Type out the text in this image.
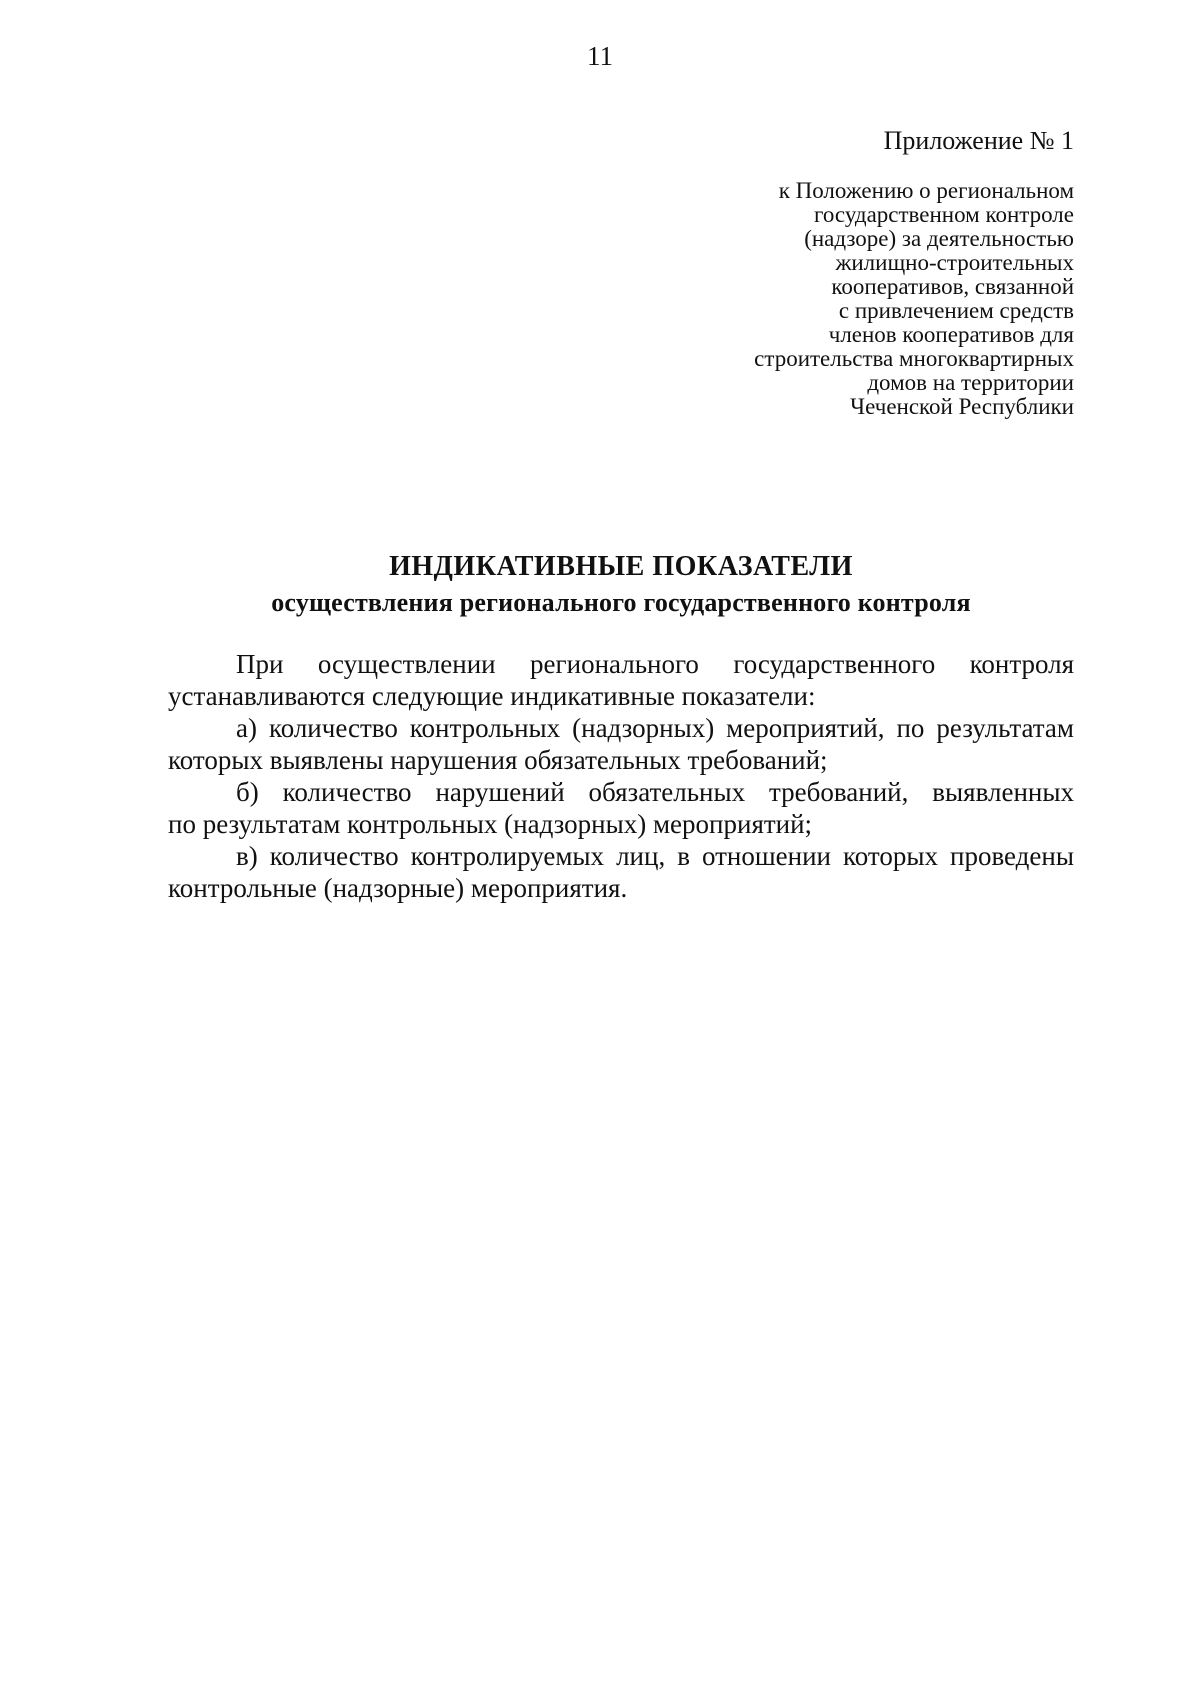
11
Приложение № 1
к Положению о региональном
государственном контроле
(надзоре) за деятельностью
жилищно-строительных
кооперативов, связанной
с привлечением средств
членов кооперативов для
строительства многоквартирных
домов на территории
Чеченской Республики
ИНДИКАТИВНЫЕ ПОКАЗАТЕЛИ
осуществления регионального государственного контроля

При осуществлении регионального государственного контроля
устанавливаются следующие индикативные показатели:

а) количество контрольных (надзорных) мероприятий, по результатам
которых выявлены нарушения обязательных требований;

б) количество нарушений обязательных требований, выявленных
по результатам контрольных (надзорных) мероприятий;

в) количество контролируемых лиц, в отношении которых проведены
контрольные (надзорные) мероприятия.
